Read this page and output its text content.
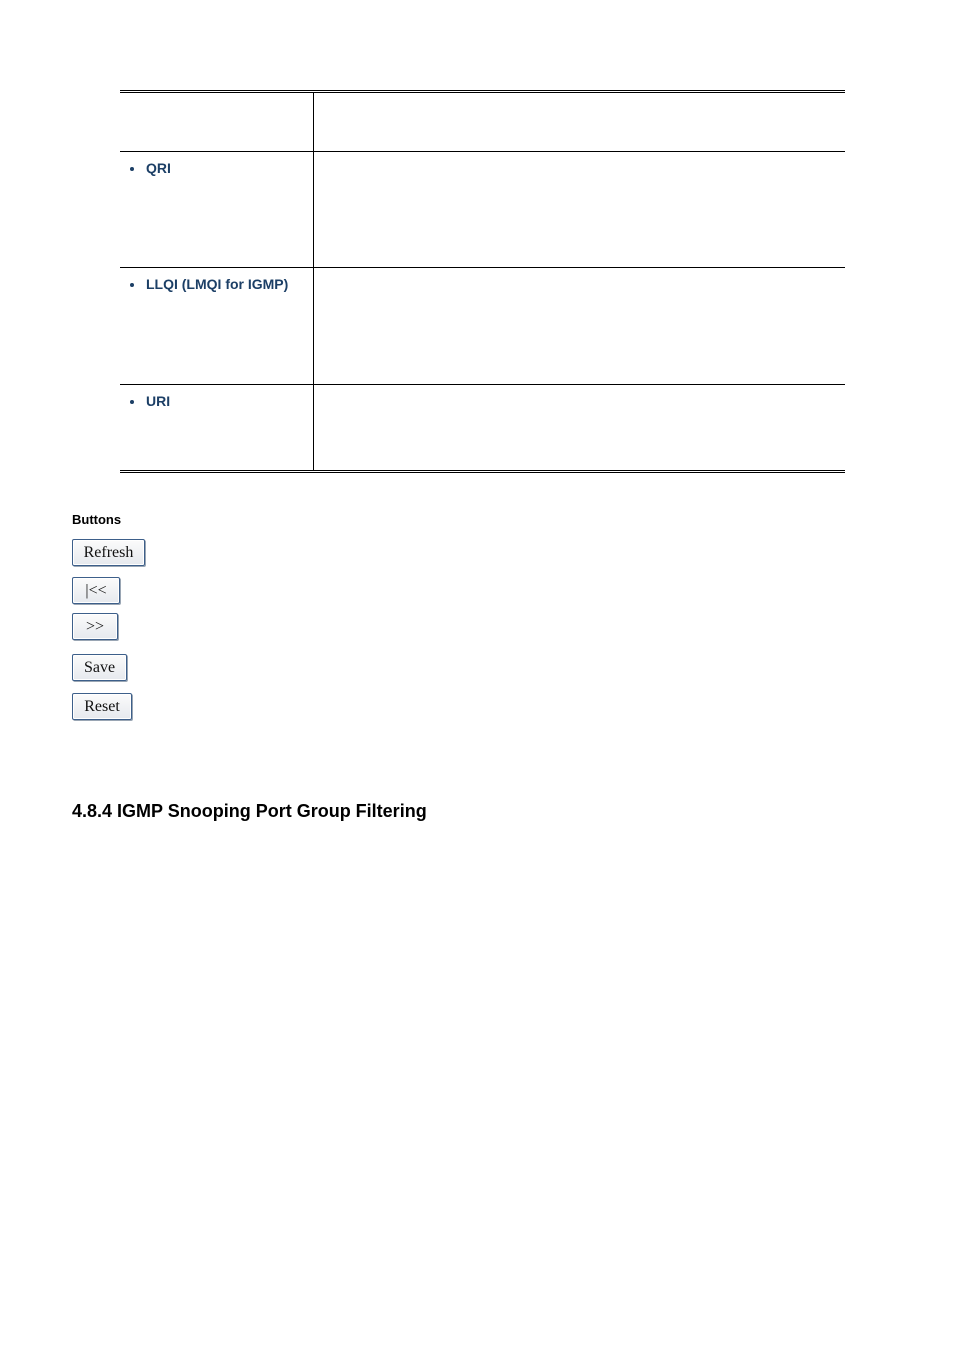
QRI	

LLQI (LMQI for IGMP)	

URI	

Buttons

Refresh
|<<
>>
Save
Reset
4.8.4 IGMP Snooping Port Group Filtering
